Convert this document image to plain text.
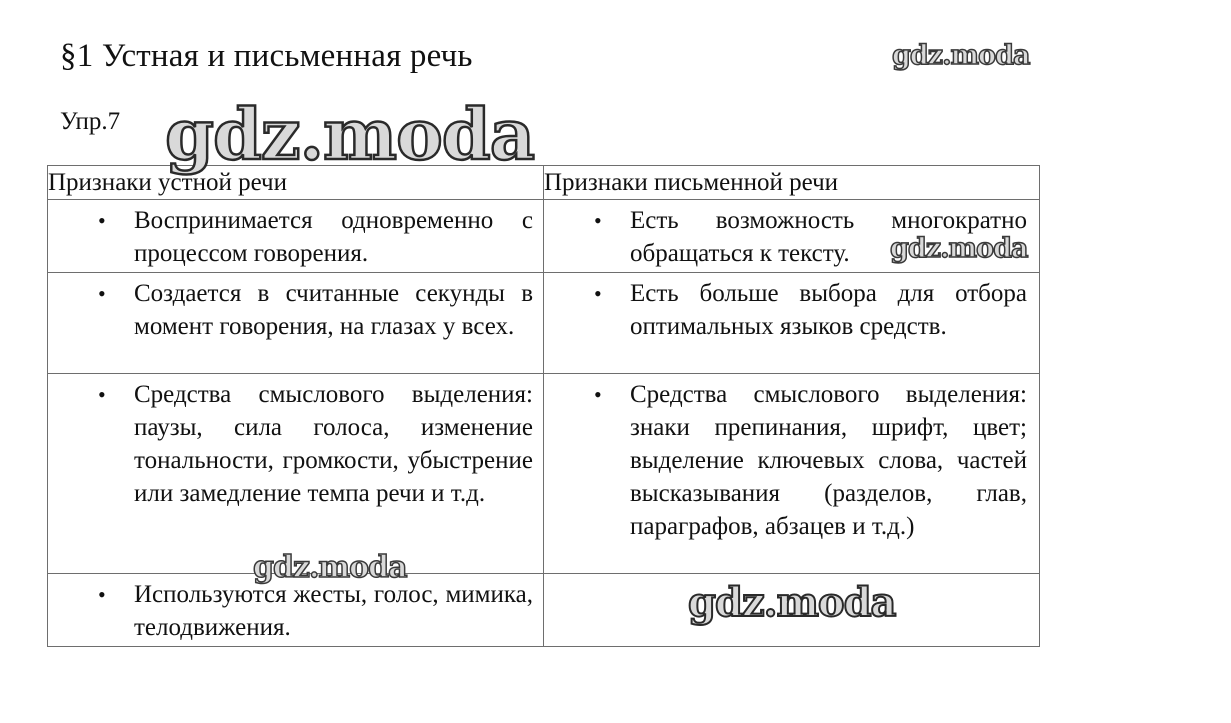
§1 Устная и письменная речь
Упр.7
Признаки устной речи	Признаки письменной речи

• Воспринимается одновременно с процессом говорения.	• Есть возможность многократно обращаться к тексту.

• Создается в считанные секунды в момент говорения, на глазах у всех.	• Есть больше выбора для отбора оптимальных языков средств.

• Средства смыслового выделения: паузы, сила голоса, изменение тональности, громкости, убыстрение или замедление темпа речи и т.д.	• Средства смыслового выделения: знаки препинания, шрифт, цвет; выделение ключевых слова, частей высказывания (разделов, глав, параграфов, абзацев и т.д.)

• Используются жесты, голос, мимика, телодвижения.	

gdz.moda
gdz.moda
gdz.moda
gdz.moda
gdz.moda
